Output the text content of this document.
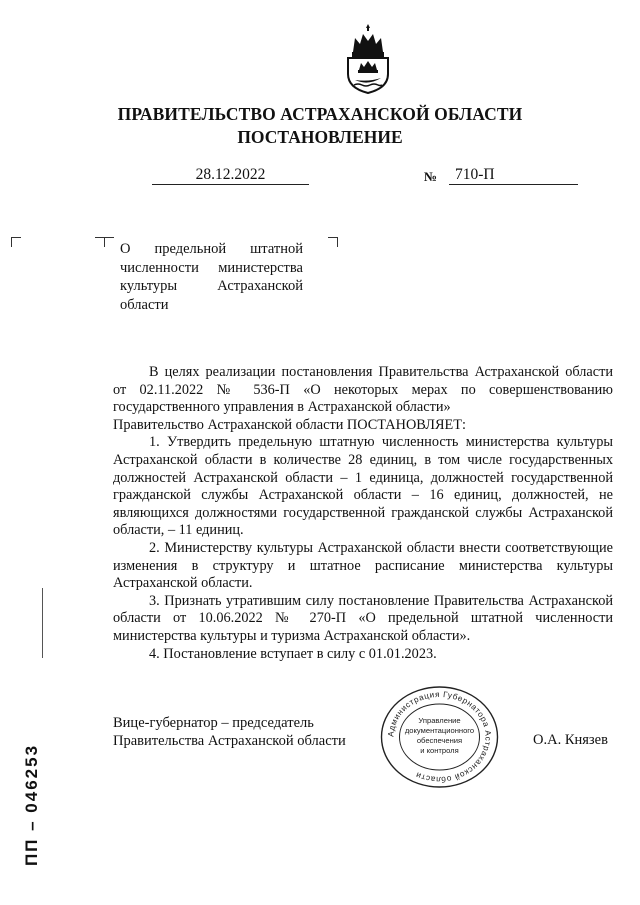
ПРАВИТЕЛЬСТВО АСТРАХАНСКОЙ ОБЛАСТИ
ПОСТАНОВЛЕНИЕ
28.12.2022	№	710-П
О предельной штатной
численности министерства
культуры Астраханской
области

В целях реализации постановления Правительства Астраханской области от 02.11.2022 № 536-П «О некоторых мерах по совершенствованию государственного управления в Астраханской области»

Правительство Астраханской области ПОСТАНОВЛЯЕТ:

1. Утвердить предельную штатную численность министерства культуры Астраханской области в количестве 28 единиц, в том числе государственных должностей Астраханской области – 1 единица, должностей государственной гражданской службы Астраханской области – 16 единиц, должностей, не являющихся должностями государственной гражданской службы Астраханской области, – 11 единиц.

2. Министерству культуры Астраханской области внести соответствующие изменения в структуру и штатное расписание министерства культуры Астраханской области.

3. Признать утратившим силу постановление Правительства Астраханской области от 10.06.2022 № 270-П «О предельной штатной численности министерства культуры и туризма Астраханской области».

4. Постановление вступает в силу с 01.01.2023.

Вице-губернатор – председатель
Правительства Астраханской области	О.А. Князев
Администрация Губернатора Астраханской области
Управление
документационного
обеспечения
и контроля
ПП – 046253
